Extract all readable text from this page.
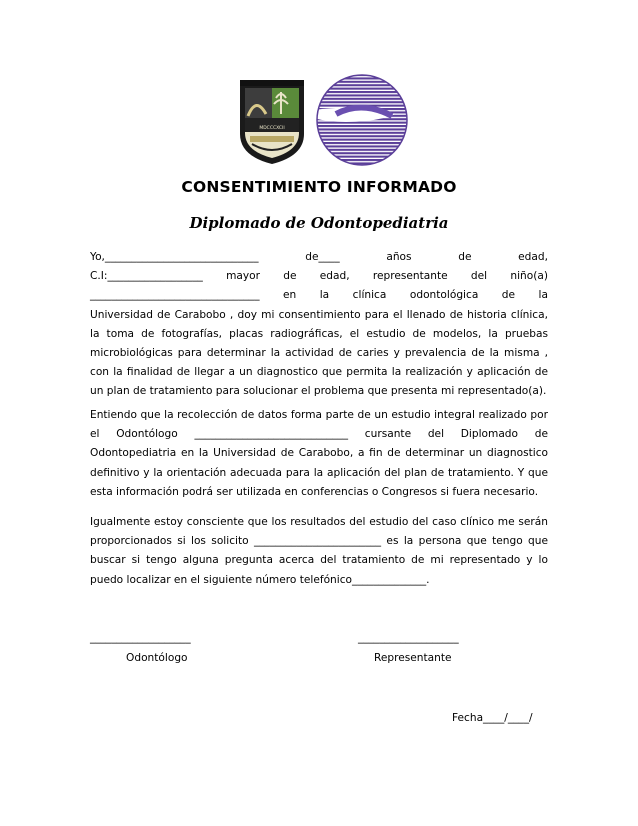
MDCCCXCII
CONSENTIMIENTO INFORMADO
Diplomado de Odontopediatria
Yo,_____________________________ de____ años de edad,
C.I:__________________ mayor de edad, representante del niño(a)
________________________________ en la clínica odontológica de la

Universidad de Carabobo , doy mi consentimiento para el llenado de historia clínica, la toma de fotografías, placas radiográficas, el estudio de modelos, la pruebas microbiológicas para determinar la actividad de caries y prevalencia de la misma , con la finalidad de llegar a un diagnostico que permita la realización y aplicación de un plan de tratamiento para solucionar el problema que presenta mi representado(a).

Entiendo que la recolección de datos forma parte de un estudio integral realizado por el Odontólogo _____________________________ cursante del Diplomado de Odontopediatria en la Universidad de Carabobo, a fin de determinar un diagnostico definitivo y la orientación adecuada para la aplicación del plan de tratamiento. Y que esta información podrá ser utilizada en conferencias o Congresos si fuera necesario.

Igualmente estoy consciente que los resultados del estudio del caso clínico me serán proporcionados si los solicito ________________________ es la persona que tengo que buscar si tengo alguna pregunta acerca del tratamiento de mi representado y lo puedo localizar en el siguiente número telefónico______________.

___________________	___________________
Odontólogo	Representante
Fecha____/____/
